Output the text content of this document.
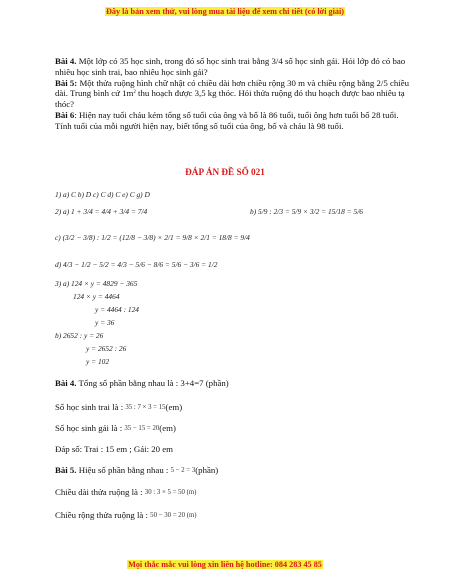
Đây là bản xem thử, vui lòng mua tài liệu để xem chi tiết (có lời giải)

Bài 4. Một lớp có 35 học sinh, trong đó số học sinh trai bằng 3/4 số học sinh gái. Hỏi lớp đó có bao nhiêu học sinh trai, bao nhiêu học sinh gái?

Bài 5: Một thửa ruộng hình chữ nhật có chiều dài hơn chiều rộng 30 m và chiều rộng bằng 2/5 chiều dài. Trung bình cứ $1m^2$ thu hoạch được 3,5 kg thóc. Hỏi thửa ruộng đó thu hoạch được bao nhiêu tạ thóc?

Bài 6: Hiện nay tuổi cháu kém tổng số tuổi của ông và bố là 86 tuổi, tuổi ông hơn tuổi bố 28 tuổi. Tính tuổi của mỗi người hiện nay, biết tổng số tuổi của ông, bố và cháu là 98 tuổi.

ĐÁP ÁN ĐỀ SỐ 021
1) a) C b) D c) C d) C e) C g) D
2) a) 1 + 3/4 = 4/4 + 3/4 = 7/4	b) 5/9 : 2/3 = 5/9 × 3/2 = 15/18 = 5/6
c) (3/2 − 3/8) : 1/2 = (12/8 − 3/8) × 2/1 = 9/8 × 2/1 = 18/8 = 9/4
d) 4/3 − 1/2 − 5/2 = 4/3 − 5/6 − 8/6 = 5/6 − 3/6 = 1/2
3) a) 124 × y = 4829 − 365
124 × y = 4464
y = 4464 : 124
y = 36
b) 2652 : y = 26
y = 2652 : 26
y = 102
Bài 4. Tổng số phần bằng nhau là : 3+4=7 (phần)
Số học sinh trai là : 35 : 7 × 3 = 15(em)
Số học sinh gái là : 35 − 15 = 20(em)
Đáp số: Trai : 15 em ; Gái: 20 em
Bài 5. Hiệu số phần bằng nhau : 5 − 2 = 3(phần)
Chiều dài thửa ruộng là : 30 : 3 × 5 = 50 (m)
Chiều rộng thửa ruộng là : 50 − 30 = 20 (m)
Mọi thắc mắc vui lòng xin liên hệ hotline: 084 283 45 85
